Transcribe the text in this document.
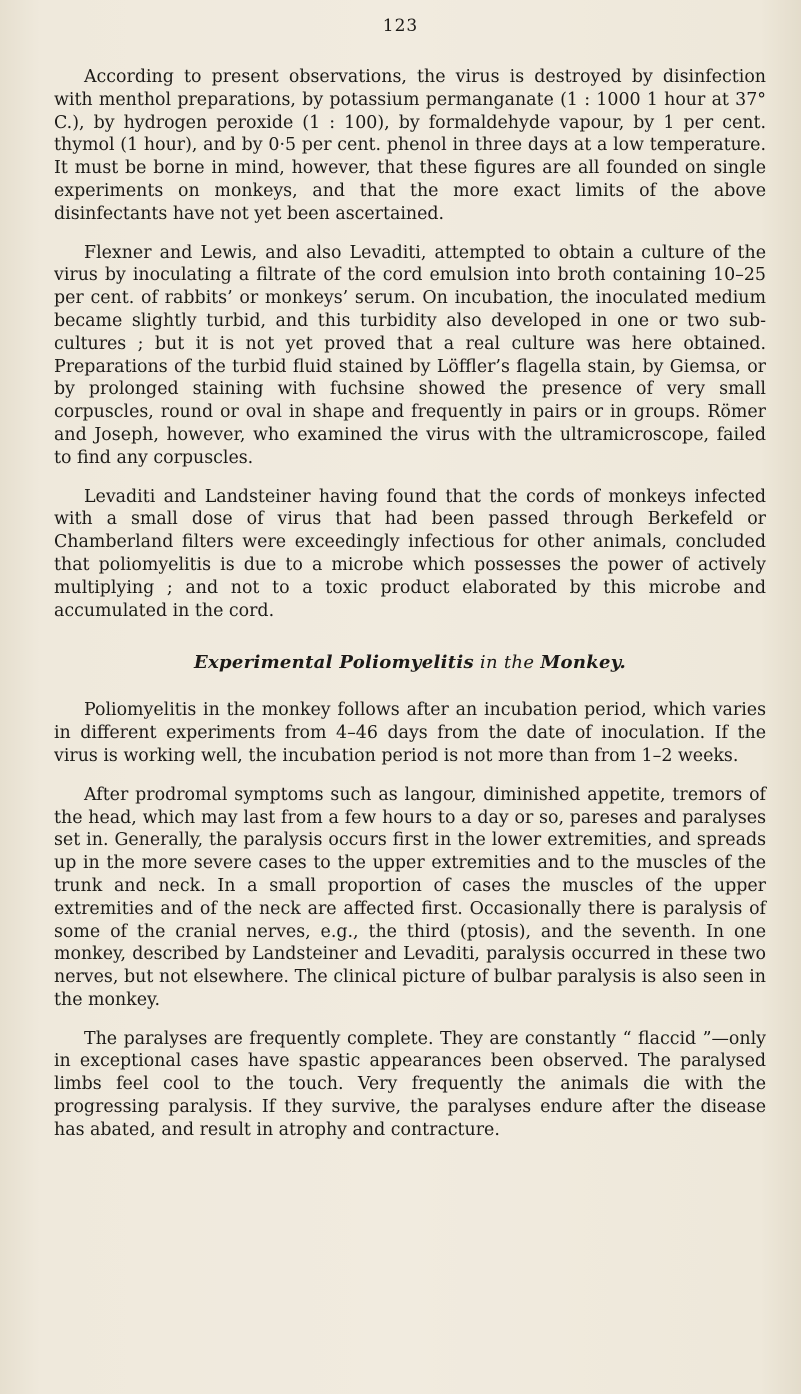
123

According to present observations, the virus is destroyed by disinfection with menthol preparations, by potassium permanganate (1 : 1000 1 hour at 37° C.), by hydrogen peroxide (1 : 100), by formaldehyde vapour, by 1 per cent. thymol (1 hour), and by 0·5 per cent. phenol in three days at a low temperature. It must be borne in mind, however, that these figures are all founded on single experiments on monkeys, and that the more exact limits of the above disinfectants have not yet been ascertained.

Flexner and Lewis, and also Levaditi, attempted to obtain a culture of the virus by inoculating a filtrate of the cord emulsion into broth containing 10–25 per cent. of rabbits’ or monkeys’ serum. On incubation, the inoculated medium became slightly turbid, and this turbidity also developed in one or two sub-cultures ; but it is not yet proved that a real culture was here obtained. Preparations of the turbid fluid stained by Löffler’s flagella stain, by Giemsa, or by prolonged staining with fuchsine showed the presence of very small corpuscles, round or oval in shape and frequently in pairs or in groups. Römer and Joseph, however, who examined the virus with the ultramicroscope, failed to find any corpuscles.

Levaditi and Landsteiner having found that the cords of monkeys infected with a small dose of virus that had been passed through Berkefeld or Chamberland filters were exceedingly infectious for other animals, concluded that poliomyelitis is due to a microbe which possesses the power of actively multiplying ; and not to a toxic product elaborated by this microbe and accumulated in the cord.

Experimental Poliomyelitis in the Monkey.

Poliomyelitis in the monkey follows after an incubation period, which varies in different experiments from 4–46 days from the date of inoculation. If the virus is working well, the incubation period is not more than from 1–2 weeks.

After prodromal symptoms such as langour, diminished appetite, tremors of the head, which may last from a few hours to a day or so, pareses and paralyses set in. Generally, the paralysis occurs first in the lower extremities, and spreads up in the more severe cases to the upper extremities and to the muscles of the trunk and neck. In a small proportion of cases the muscles of the upper extremities and of the neck are affected first. Occasionally there is paralysis of some of the cranial nerves, e.g., the third (ptosis), and the seventh. In one monkey, described by Landsteiner and Levaditi, paralysis occurred in these two nerves, but not elsewhere. The clinical picture of bulbar paralysis is also seen in the monkey.

The paralyses are frequently complete. They are constantly “ flaccid ”—only in exceptional cases have spastic appearances been observed. The paralysed limbs feel cool to the touch. Very frequently the animals die with the progressing paralysis. If they survive, the paralyses endure after the disease has abated, and result in atrophy and contracture.
